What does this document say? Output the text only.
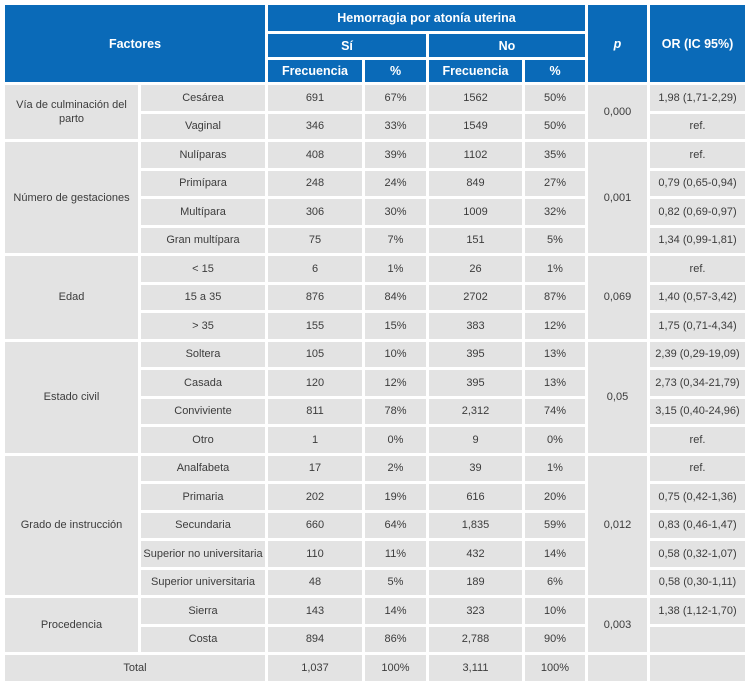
Factores		Hemorragia por atonía uterina				p	OR (IC 95%)
		Sí		No			
		Frecuencia	%	Frecuencia	%		
Vía de culminación del parto	Cesárea	691	67%	1562	50%	0,000	1,98 (1,71-2,29)
	Vaginal	346	33%	1549	50%		ref.
Número de gestaciones	Nulíparas	408	39%	1102	35%	0,001	ref.
	Primípara	248	24%	849	27%		0,79 (0,65-0,94)
	Multípara	306	30%	1009	32%		0,82 (0,69-0,97)
	Gran multípara	75	7%	151	5%		1,34 (0,99-1,81)
Edad	< 15	6	1%	26	1%	0,069	ref.
	15 a 35	876	84%	2702	87%		1,40 (0,57-3,42)
	> 35	155	15%	383	12%		1,75 (0,71-4,34)
Estado civil	Soltera	105	10%	395	13%	0,05	2,39 (0,29-19,09)
	Casada	120	12%	395	13%		2,73 (0,34-21,79)
	Conviviente	811	78%	2,312	74%		3,15 (0,40-24,96)
	Otro	1	0%	9	0%		ref.
Grado de instrucción	Analfabeta	17	2%	39	1%	0,012	ref.
	Primaria	202	19%	616	20%		0,75 (0,42-1,36)
	Secundaria	660	64%	1,835	59%		0,83 (0,46-1,47)
	Superior no universitaria	110	11%	432	14%		0,58 (0,32-1,07)
	Superior universitaria	48	5%	189	6%		0,58 (0,30-1,11)
Procedencia	Sierra	143	14%	323	10%	0,003	1,38 (1,12-1,70)
	Costa	894	86%	2,788	90%		
Total		1,037	100%	3,111	100%		
